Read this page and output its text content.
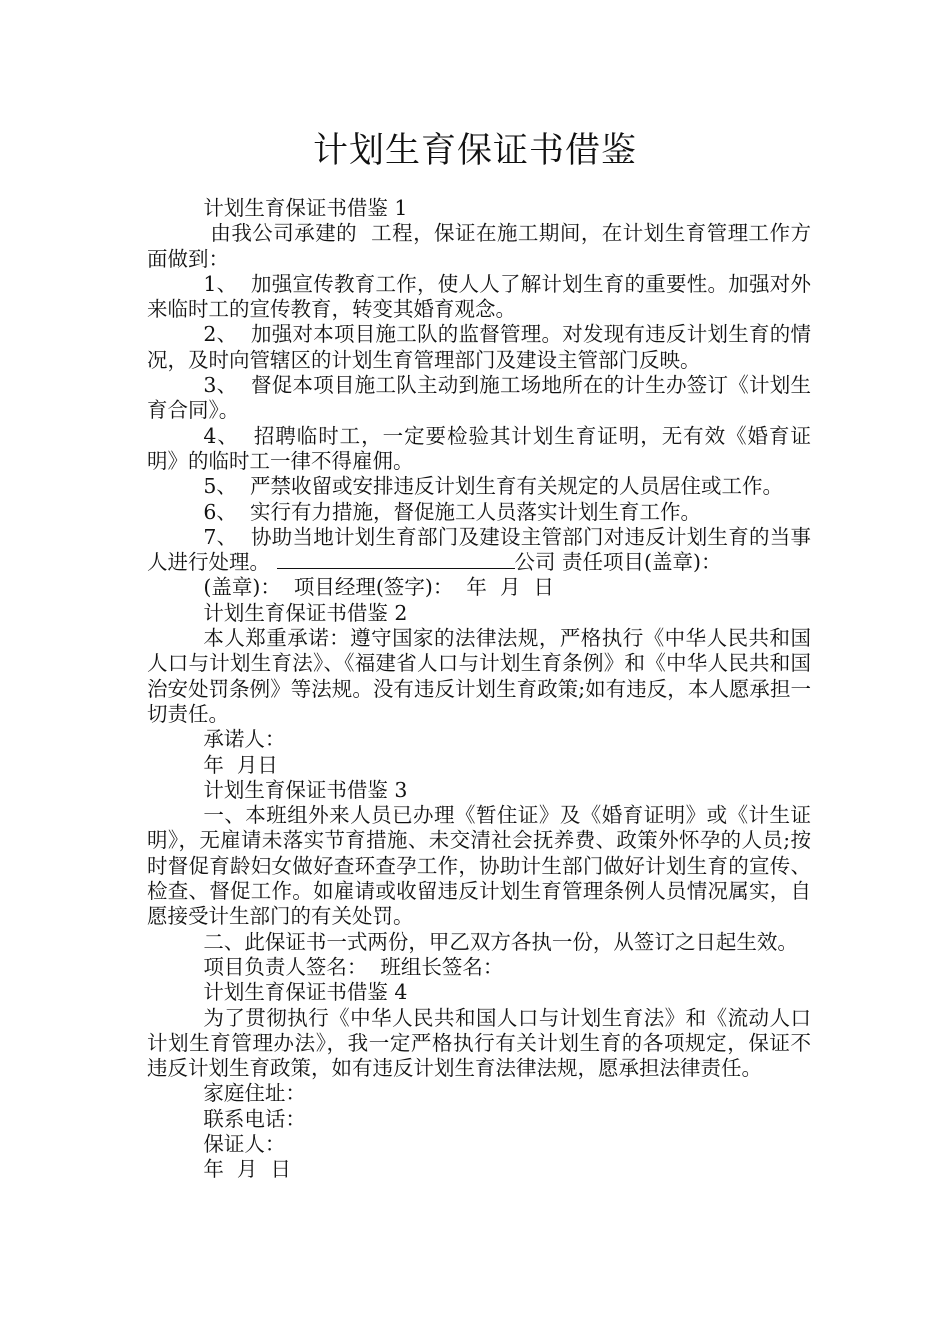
计划生育保证书借鉴

计划生育保证书借鉴 1

由我公司承建的  工程，保证在施工期间，在计划生育管理工作方面做到：

1、  加强宣传教育工作，使人人了解计划生育的重要性。加强对外来临时工的宣传教育，转变其婚育观念。

2、  加强对本项目施工队的监督管理。对发现有违反计划生育的情况，及时向管辖区的计划生育管理部门及建设主管部门反映。

3、  督促本项目施工队主动到施工场地所在的计生办签订《计划生育合同》。

4、  招聘临时工，一定要检验其计划生育证明，无有效《婚育证明》的临时工一律不得雇佣。

5、  严禁收留或安排违反计划生育有关规定的人员居住或工作。

6、  实行有力措施，督促施工人员落实计划生育工作。

7、  协助当地计划生育部门及建设主管部门对违反计划生育的当事人进行处理。	公司 责任项目(盖章)：

(盖章)：  项目经理(签字)：  年  月  日

计划生育保证书借鉴 2

本人郑重承诺：遵守国家的法律法规，严格执行《中华人民共和国人口与计划生育法》、《福建省人口与计划生育条例》和《中华人民共和国治安处罚条例》等法规。没有违反计划生育政策;如有违反，本人愿承担一切责任。

承诺人：

年  月日

计划生育保证书借鉴 3

一、本班组外来人员已办理《暂住证》及《婚育证明》或《计生证明》，无雇请未落实节育措施、未交清社会抚养费、政策外怀孕的人员;按时督促育龄妇女做好查环查孕工作，协助计生部门做好计划生育的宣传、检查、督促工作。如雇请或收留违反计划生育管理条例人员情况属实，自愿接受计生部门的有关处罚。

二、此保证书一式两份，甲乙双方各执一份，从签订之日起生效。

项目负责人签名：  班组长签名：

计划生育保证书借鉴 4

为了贯彻执行《中华人民共和国人口与计划生育法》和《流动人口计划生育管理办法》，我一定严格执行有关计划生育的各项规定，保证不违反计划生育政策，如有违反计划生育法律法规，愿承担法律责任。

家庭住址：

联系电话：

保证人：

年  月  日
